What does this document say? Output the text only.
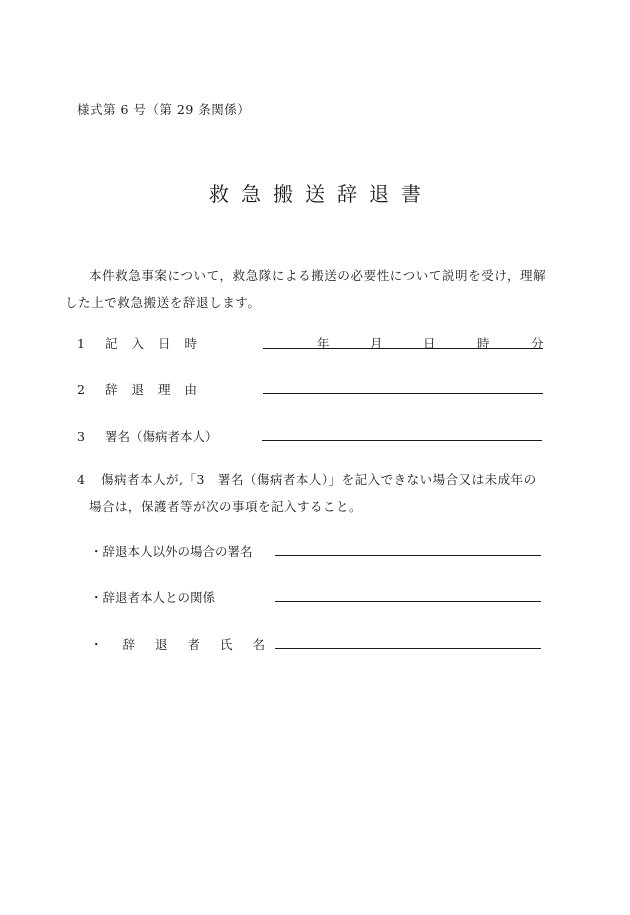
様式第 6 号（第 29 条関係）
救急搬送辞退書
本件救急事案について，救急隊による搬送の必要性について説明を受け，理解
した上で救急搬送を辞退します。
1 記入日時	年	月	日	時	分
2 辞退理由
3 署名（傷病者本人）
4 傷病者本人が,「3　署名（傷病者本人）」を記入できない場合又は未成年の
場合は，保護者等が次の事項を記入すること。
・辞退本人以外の場合の署名
・辞退者本人との関係
・辞退者氏名
